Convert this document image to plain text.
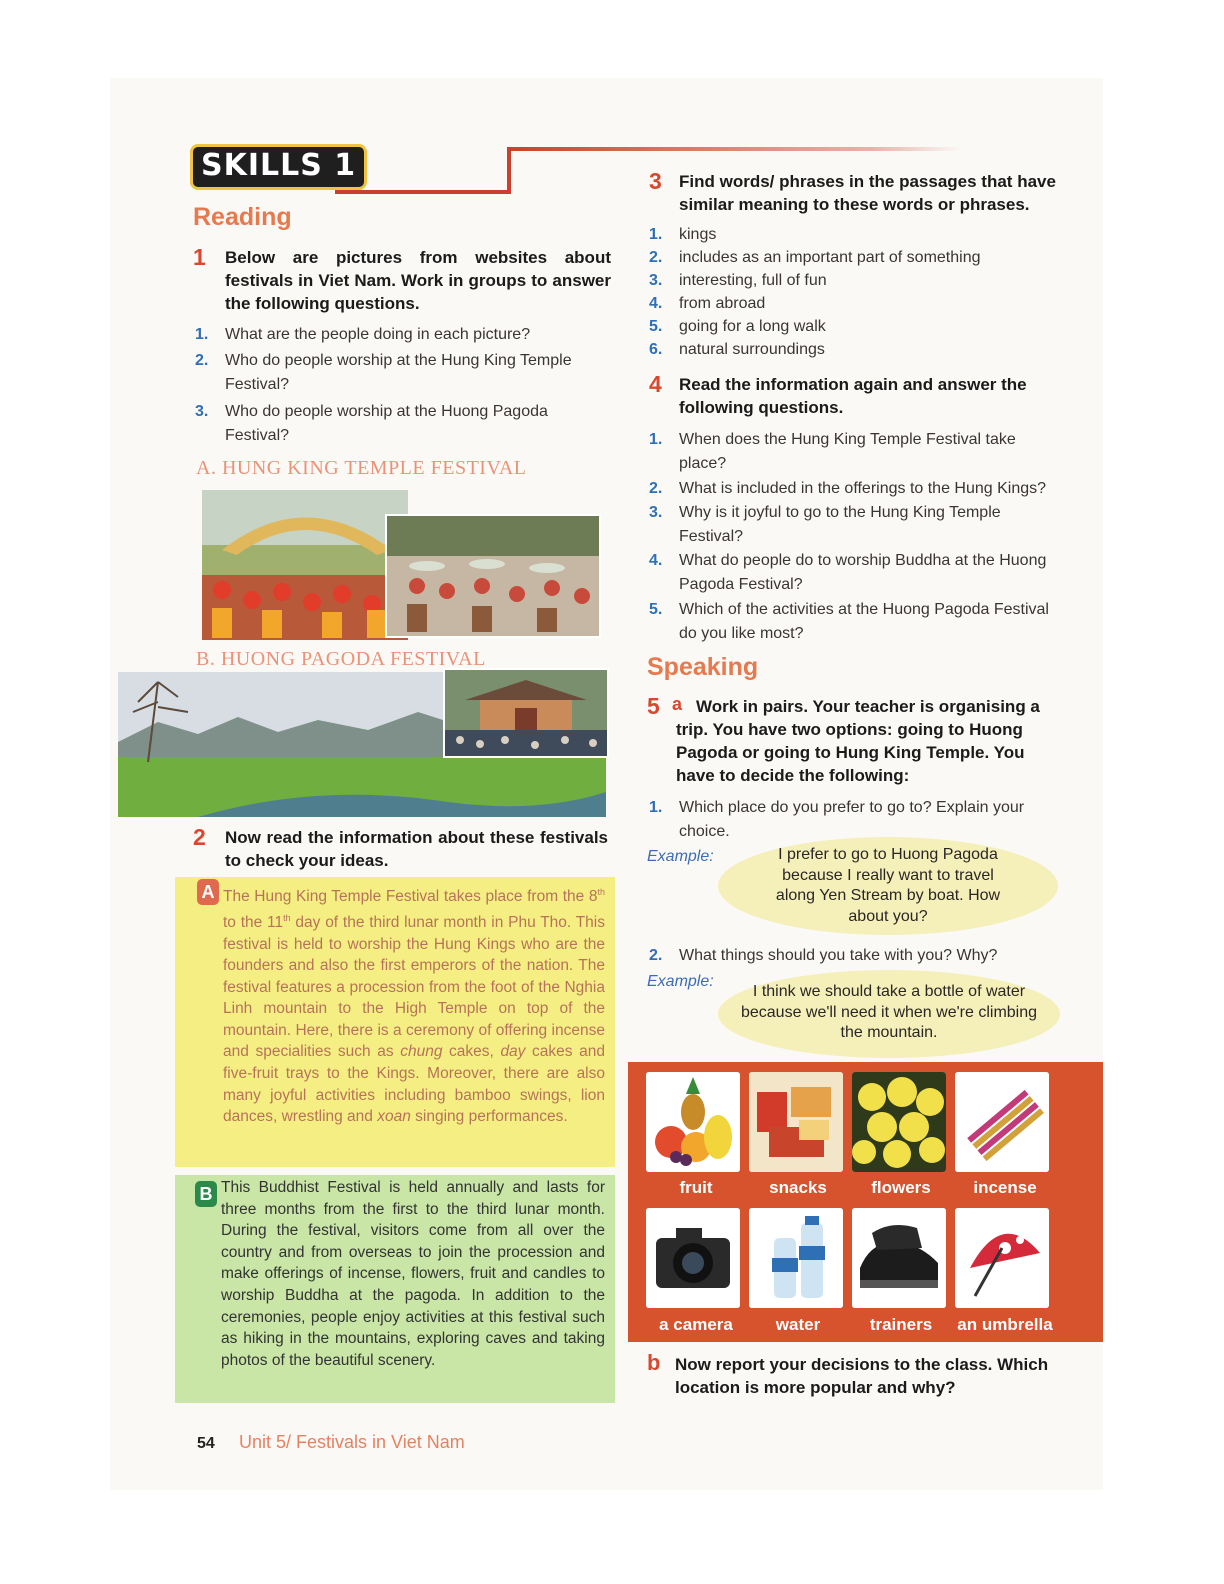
SKILLS 1
Reading
1 Below are pictures from websites about festivals in Viet Nam. Work in groups to answer the following questions.
1. What are the people doing in each picture?
2.	Who do people worship at the Hung King Temple Festival?
3.	Who do people worship at the Huong Pagoda Festival?
A. HUNG KING TEMPLE FESTIVAL
B. HUONG PAGODA FESTIVAL
2 Now read the information about these festivals to check your ideas.
A The Hung King Temple Festival takes place from the 8th to the 11th day of the third lunar month in Phu Tho. This festival is held to worship the Hung Kings who are the founders and also the first emperors of the nation. The festival features a procession from the foot of the Nghia Linh mountain to the High Temple on top of the mountain. Here, there is a ceremony of offering incense and specialities such as chung cakes, day cakes and five-fruit trays to the Kings. Moreover, there are also many joyful activities including bamboo swings, lion dances, wrestling and xoan singing performances.
B This Buddhist Festival is held annually and lasts for three months from the first to the third lunar month. During the festival, visitors come from all over the country and from overseas to join the procession and make offerings of incense, flowers, fruit and candles to worship Buddha at the pagoda. In addition to the ceremonies, people enjoy activities at this festival such as hiking in the mountains, exploring caves and taking photos of the beautiful scenery.
3 Find words/ phrases in the passages that have similar meaning to these words or phrases.
1. kings
2. includes as an important part of something
3. interesting, full of fun
4. from abroad
5. going for a long walk
6. natural surroundings
4 Read the information again and answer the following questions.
1.	When does the Hung King Temple Festival take place?
2.	What is included in the offerings to the Hung Kings?
3.	Why is it joyful to go to the Hung King Temple Festival?
4.	What do people do to worship Buddha at the Huong Pagoda Festival?
5.	Which of the activities at the Huong Pagoda Festival do you like most?
Speaking
5 a Work in pairs. Your teacher is organising a trip. You have two options: going to Huong Pagoda or going to Hung King Temple. You have to decide the following:
1.	Which place do you prefer to go to? Explain your choice.
Example:	I prefer to go to Huong Pagoda because I really want to travel along Yen Stream by boat. How about you?
2. What things should you take with you? Why?
Example:
I think we should take a bottle of water because we'll need it when we're climbing the mountain.
fruit	snacks	flowers	incense
a camera	water	trainers	an umbrella
b Now report your decisions to the class. Which location is more popular and why?
54 Unit 5/ Festivals in Viet Nam
